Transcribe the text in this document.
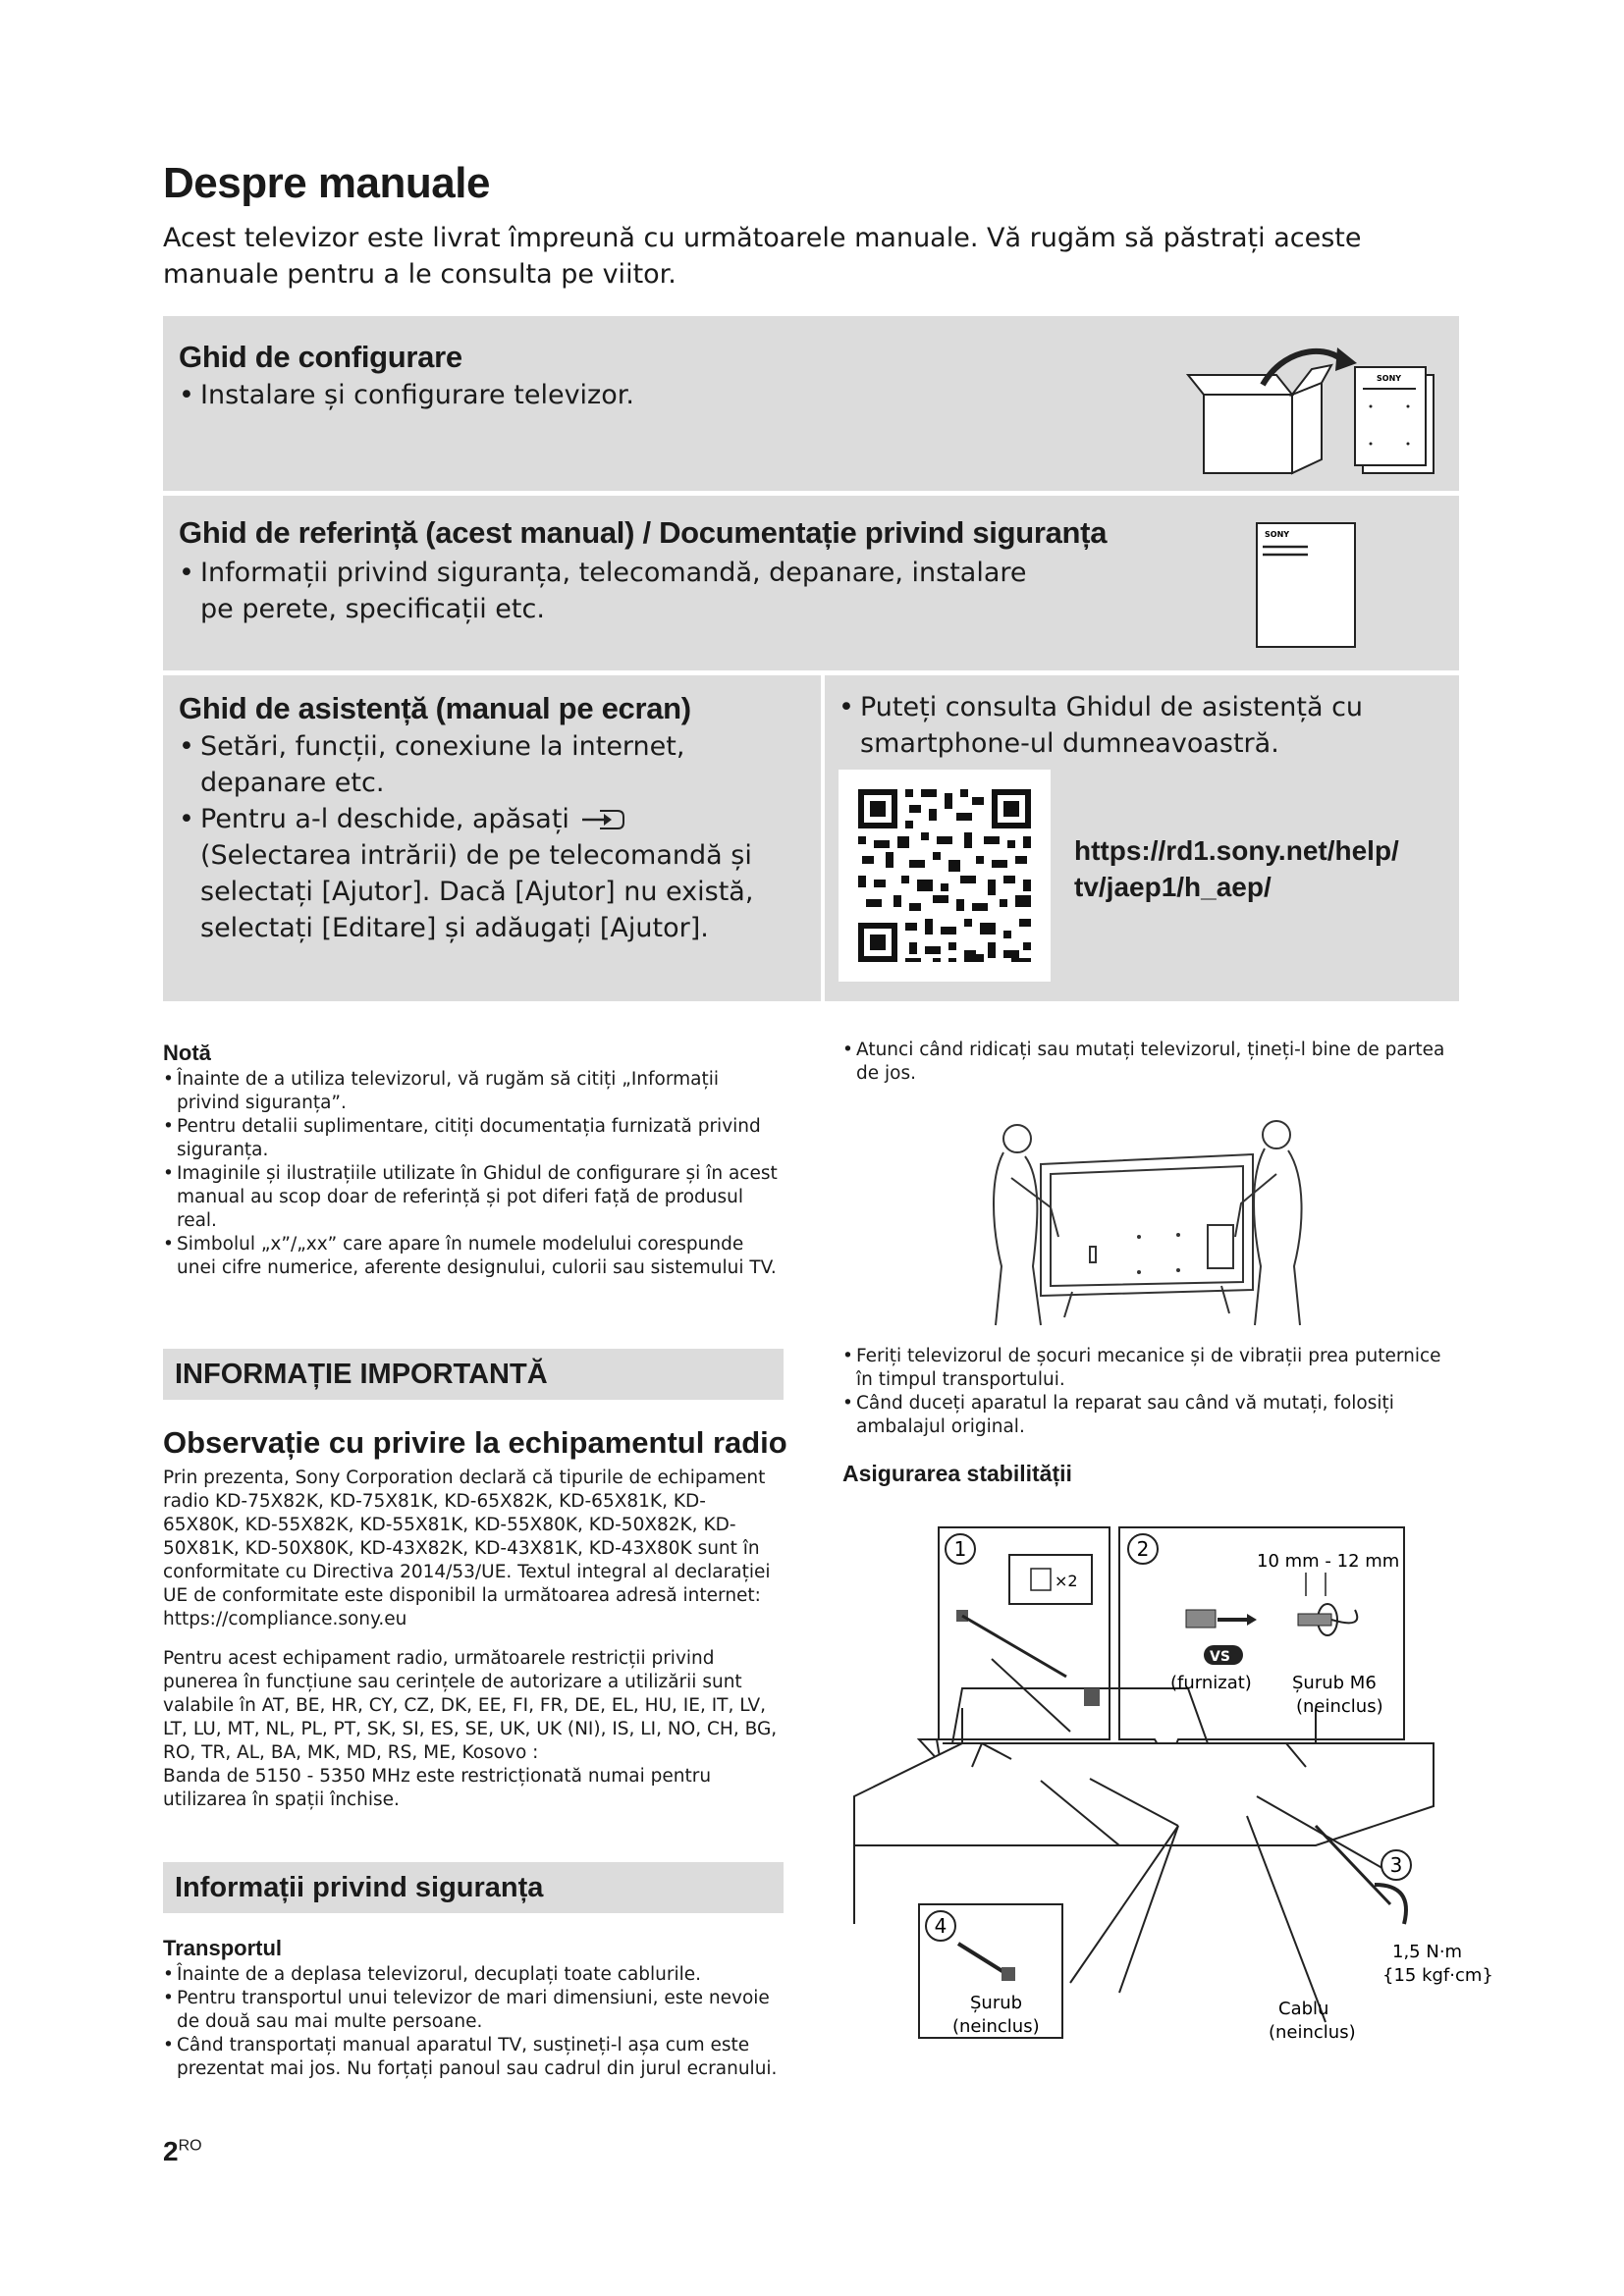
Despre manuale
Acest televizor este livrat împreună cu următoarele manuale. Vă rugăm să păstrați aceste manuale pentru a le consulta pe viitor.
Ghid de configurare

• Instalare și configurare televizor.

SONY
Ghid de referință (acest manual) / Documentație privind siguranța

• Informații privind siguranța, telecomandă, depanare, instalare pe perete, specificații etc.

SONY
Ghid de asistență (manual pe ecran)

• Setări, funcții, conexiune la internet, depanare etc.

• Pentru a-l deschide, apăsați     (Selectarea intrării) de pe telecomandă și selectați [Ajutor]. Dacă [Ajutor] nu există, selectați [Editare] și adăugați [Ajutor].

• Puteți consulta Ghidul de asistență cu smartphone-ul dumneavoastră.

https://rd1.sony.net/help/
tv/jaep1/h_aep/
Notă

• Înainte de a utiliza televizorul, vă rugăm să citiți „Informații privind siguranța”.

• Pentru detalii suplimentare, citiți documentația furnizată privind siguranța.

• Imaginile și ilustrațiile utilizate în Ghidul de configurare și în acest manual au scop doar de referință și pot diferi față de produsul real.

• Simbolul „x”/„xx” care apare în numele modelului corespunde unei cifre numerice, aferente designului, culorii sau sistemului TV.

INFORMAȚIE IMPORTANTĂ
Observație cu privire la echipamentul radio

Prin prezenta, Sony Corporation declară că tipurile de echipament radio KD-75X82K, KD-75X81K, KD-65X82K, KD-65X81K, KD-65X80K, KD-55X82K, KD-55X81K, KD-55X80K, KD-50X82K, KD-50X81K, KD-50X80K, KD-43X82K, KD-43X81K, KD-43X80K sunt în conformitate cu Directiva 2014/53/UE. Textul integral al declarației UE de conformitate este disponibil la următoarea adresă internet: https://compliance.sony.eu

Pentru acest echipament radio, următoarele restricții privind punerea în funcțiune sau cerințele de autorizare a utilizării sunt valabile în AT, BE, HR, CY, CZ, DK, EE, FI, FR, DE, EL, HU, IE, IT, LV, LT, LU, MT, NL, PL, PT, SK, SI, ES, SE, UK, UK (NI), IS, LI, NO, CH, BG, RO, TR, AL, BA, MK, MD, RS, ME, Kosovo :

Banda de 5150 - 5350 MHz este restricționată numai pentru utilizarea în spații închise.

Informații privind siguranța
Transportul

• Înainte de a deplasa televizorul, decuplați toate cablurile.

• Pentru transportul unui televizor de mari dimensiuni, este nevoie de două sau mai multe persoane.

• Când transportați manual aparatul TV, susțineți-l așa cum este prezentat mai jos. Nu forțați panoul sau cadrul din jurul ecranului.

$2^{RO}$

• Atunci când ridicați sau mutați televizorul, țineți-l bine de partea de jos.

• Feriți televizorul de șocuri mecanice și de vibrații prea puternice în timpul transportului.

• Când duceți aparatul la reparat sau când vă mutați, folosiți ambalajul original.

Asigurarea stabilității
1	2
3
4
×2
10 mm - 12 mm
VS
(furnizat) Șurub M6
(neinclus)
1,5 N·m
{15 kgf·cm}
Șurub
(neinclus)
Cablu
(neinclus)
